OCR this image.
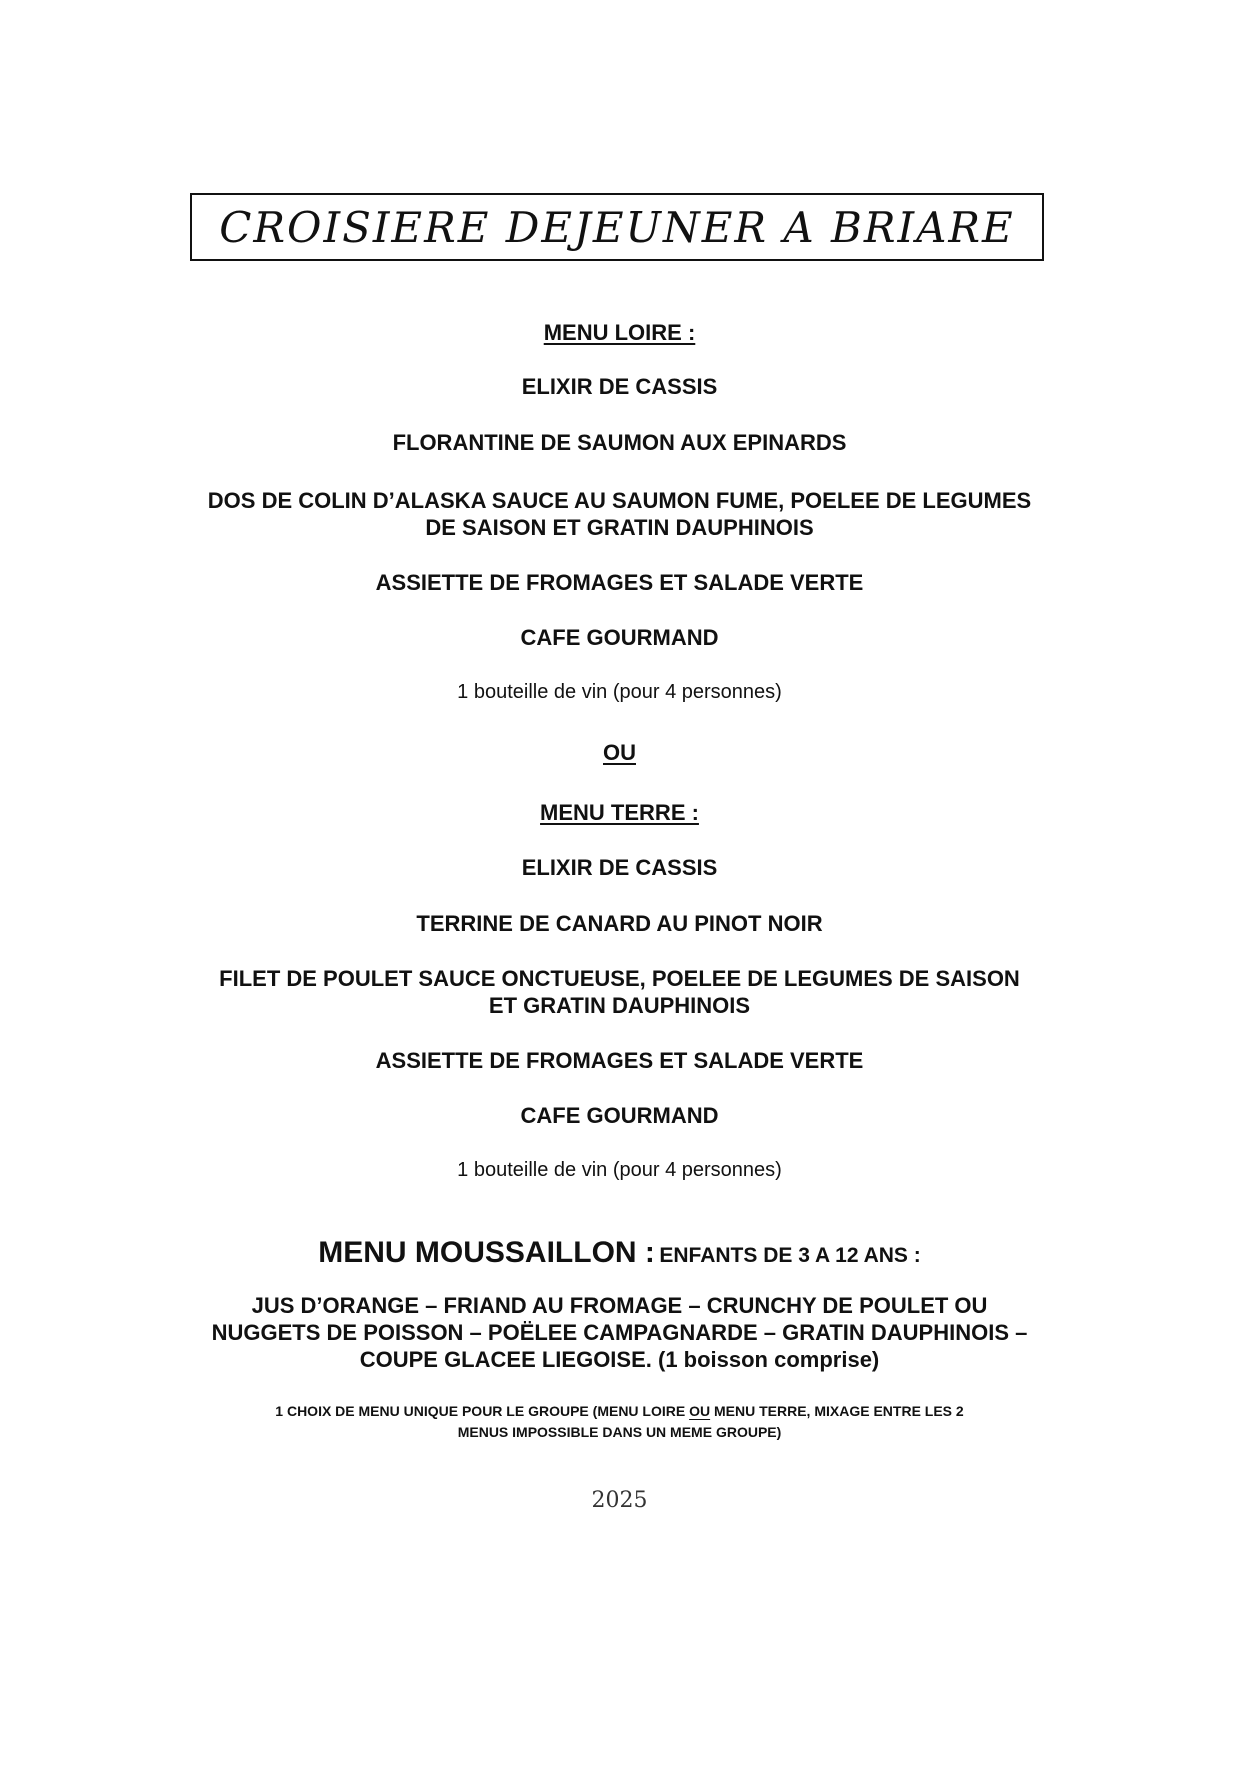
CROISIERE DEJEUNER A BRIARE
MENU LOIRE :
ELIXIR DE CASSIS
FLORANTINE DE SAUMON AUX EPINARDS
DOS DE COLIN D’ALASKA SAUCE AU SAUMON FUME, POELEE DE LEGUMES
DE SAISON ET GRATIN DAUPHINOIS
ASSIETTE DE FROMAGES ET SALADE VERTE
CAFE GOURMAND
1 bouteille de vin (pour 4 personnes)
OU
MENU TERRE :
ELIXIR DE CASSIS
TERRINE DE CANARD AU PINOT NOIR
FILET DE POULET SAUCE ONCTUEUSE, POELEE DE LEGUMES DE SAISON
ET GRATIN DAUPHINOIS
ASSIETTE DE FROMAGES ET SALADE VERTE
CAFE GOURMAND
1 bouteille de vin (pour 4 personnes)
MENU MOUSSAILLON : ENFANTS DE 3 A 12 ANS :
JUS D’ORANGE – FRIAND AU FROMAGE – CRUNCHY DE POULET OU
NUGGETS DE POISSON – POËLEE CAMPAGNARDE – GRATIN DAUPHINOIS –
COUPE GLACEE LIEGOISE. (1 boisson comprise)
1 CHOIX DE MENU UNIQUE POUR LE GROUPE (MENU LOIRE OU MENU TERRE, MIXAGE ENTRE LES 2
MENUS IMPOSSIBLE DANS UN MEME GROUPE)
2025
